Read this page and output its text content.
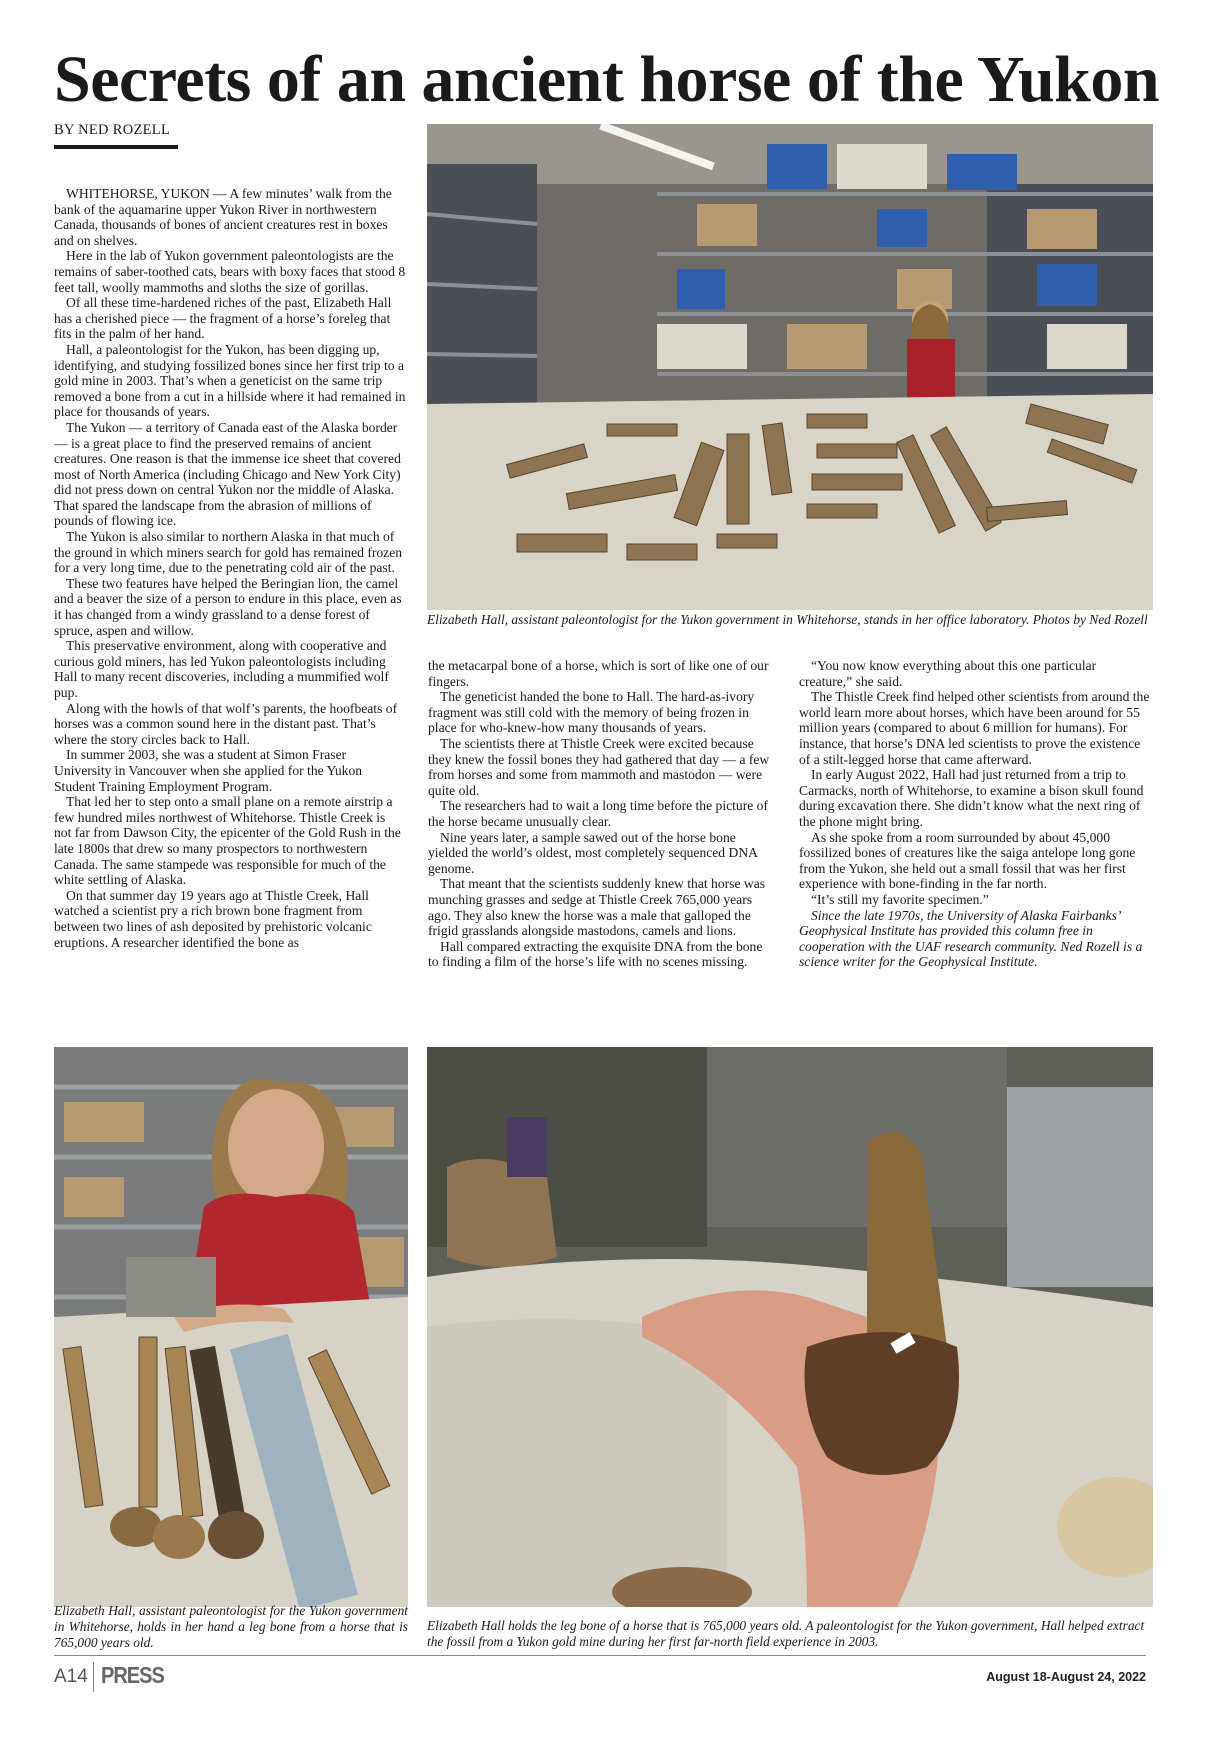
Secrets of an ancient horse of the Yukon
BY NED ROZELL

WHITEHORSE, YUKON — A few minutes’ walk from the bank of the aquamarine upper Yukon River in northwestern Canada, thousands of bones of ancient creatures rest in boxes and on shelves.

Here in the lab of Yukon government paleontologists are the remains of saber-toothed cats, bears with boxy faces that stood 8 feet tall, woolly mammoths and sloths the size of gorillas.

Of all these time-hardened riches of the past, Elizabeth Hall has a cherished piece — the fragment of a horse’s foreleg that fits in the palm of her hand.

Hall, a paleontologist for the Yukon, has been digging up, identifying, and studying fossilized bones since her first trip to a gold mine in 2003. That’s when a geneticist on the same trip removed a bone from a cut in a hillside where it had remained in place for thousands of years.

The Yukon — a territory of Canada east of the Alaska border — is a great place to find the preserved remains of ancient creatures. One reason is that the immense ice sheet that covered most of North America (including Chicago and New York City) did not press down on central Yukon nor the middle of Alaska. That spared the landscape from the abrasion of millions of pounds of flowing ice.

The Yukon is also similar to northern Alaska in that much of the ground in which miners search for gold has remained frozen for a very long time, due to the penetrating cold air of the past.

These two features have helped the Beringian lion, the camel and a beaver the size of a person to endure in this place, even as it has changed from a windy grassland to a dense forest of spruce, aspen and willow.

This preservative environment, along with cooperative and curious gold miners, has led Yukon paleontologists including Hall to many recent discoveries, including a mummified wolf pup.

Along with the howls of that wolf’s parents, the hoofbeats of horses was a common sound here in the distant past. That’s where the story circles back to Hall.

In summer 2003, she was a student at Simon Fraser University in Vancouver when she applied for the Yukon Student Training Employment Program.

That led her to step onto a small plane on a remote airstrip a few hundred miles northwest of Whitehorse. Thistle Creek is not far from Dawson City, the epicenter of the Gold Rush in the late 1800s that drew so many prospectors to northwestern Canada. The same stampede was responsible for much of the white settling of Alaska.

On that summer day 19 years ago at Thistle Creek, Hall watched a scientist pry a rich brown bone fragment from between two lines of ash deposited by prehistoric volcanic eruptions. A researcher identified the bone as

Elizabeth Hall, assistant paleontologist for the Yukon government in Whitehorse, stands in her office laboratory. Photos by Ned Rozell

the metacarpal bone of a horse, which is sort of like one of our fingers.

The geneticist handed the bone to Hall. The hard-as-ivory fragment was still cold with the memory of being frozen in place for who-knew-how many thousands of years.

The scientists there at Thistle Creek were excited because they knew the fossil bones they had gathered that day — a few from horses and some from mammoth and mastodon — were quite old.

The researchers had to wait a long time before the picture of the horse became unusually clear.

Nine years later, a sample sawed out of the horse bone yielded the world’s oldest, most completely sequenced DNA genome.

That meant that the scientists suddenly knew that horse was munching grasses and sedge at Thistle Creek 765,000 years ago. They also knew the horse was a male that galloped the frigid grasslands alongside mastodons, camels and lions.

Hall compared extracting the exquisite DNA from the bone to finding a film of the horse’s life with no scenes missing.

“You now know everything about this one particular creature,” she said.

The Thistle Creek find helped other scientists from around the world learn more about horses, which have been around for 55 million years (compared to about 6 million for humans). For instance, that horse’s DNA led scientists to prove the existence of a stilt-legged horse that came afterward.

In early August 2022, Hall had just returned from a trip to Carmacks, north of Whitehorse, to examine a bison skull found during excavation there. She didn’t know what the next ring of the phone might bring.

As she spoke from a room surrounded by about 45,000 fossilized bones of creatures like the saiga antelope long gone from the Yukon, she held out a small fossil that was her first experience with bone-finding in the far north.

“It’s still my favorite specimen.”

Since the late 1970s, the University of Alaska Fairbanks’ Geophysical Institute has provided this column free in cooperation with the UAF research community. Ned Rozell is a science writer for the Geophysical Institute.

Elizabeth Hall, assistant paleontologist for the Yukon government in Whitehorse, holds in her hand a leg bone from a horse that is 765,000 years old.
Elizabeth Hall holds the leg bone of a horse that is 765,000 years old. A paleontologist for the Yukon government, Hall helped extract the fossil from a Yukon gold mine during her first far-north field experience in 2003.
A14 PRESS	August 18-August 24, 2022
